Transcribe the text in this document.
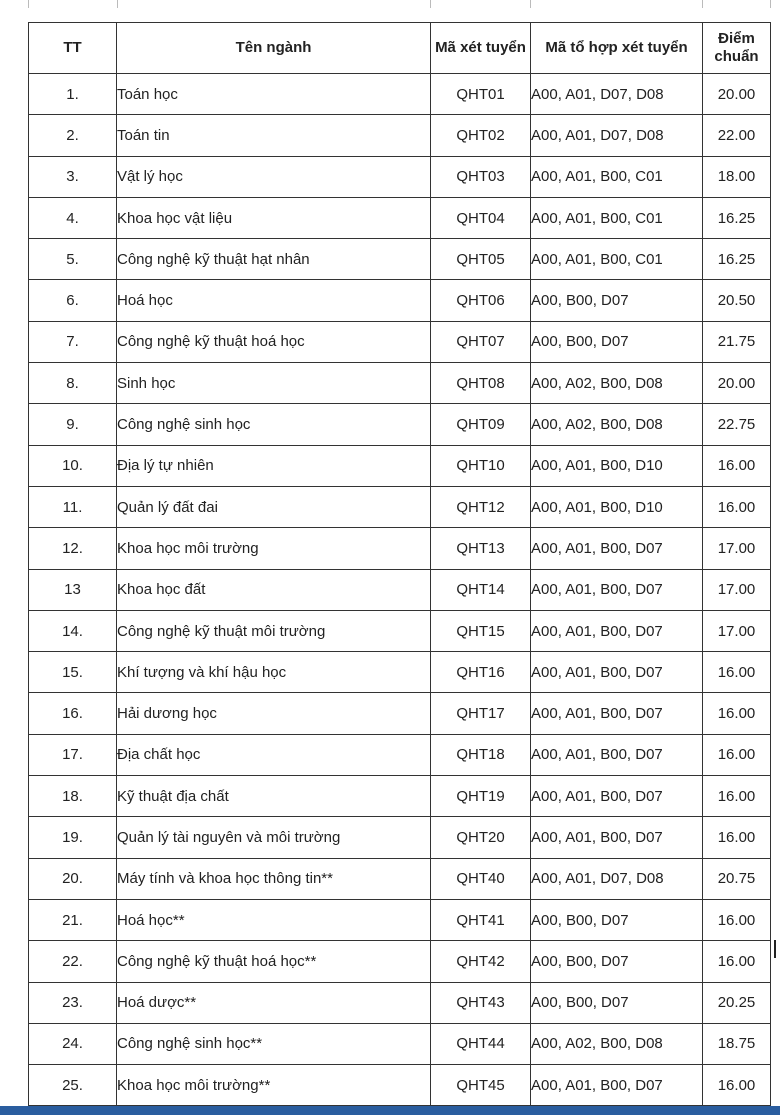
TT	Tên ngành	Mã xét tuyển	Mã tổ hợp xét tuyển	Điểm chuẩn
1.	Toán học	QHT01	A00, A01, D07, D08	20.00
2.	Toán tin	QHT02	A00, A01, D07, D08	22.00
3.	Vật lý học	QHT03	A00, A01, B00, C01	18.00
4.	Khoa học vật liệu	QHT04	A00, A01, B00, C01	16.25
5.	Công nghệ kỹ thuật hạt nhân	QHT05	A00, A01, B00, C01	16.25
6.	Hoá học	QHT06	A00, B00, D07	20.50
7.	Công nghệ kỹ thuật hoá học	QHT07	A00, B00, D07	21.75
8.	Sinh học	QHT08	A00, A02, B00, D08	20.00
9.	Công nghệ sinh học	QHT09	A00, A02, B00, D08	22.75
10.	Địa lý tự nhiên	QHT10	A00, A01, B00, D10	16.00
11.	Quản lý đất đai	QHT12	A00, A01, B00, D10	16.00
12.	Khoa học môi trường	QHT13	A00, A01, B00, D07	17.00
13	Khoa học đất	QHT14	A00, A01, B00, D07	17.00
14.	Công nghệ kỹ thuật môi trường	QHT15	A00, A01, B00, D07	17.00
15.	Khí tượng và khí hậu học	QHT16	A00, A01, B00, D07	16.00
16.	Hải dương học	QHT17	A00, A01, B00, D07	16.00
17.	Địa chất học	QHT18	A00, A01, B00, D07	16.00
18.	Kỹ thuật địa chất	QHT19	A00, A01, B00, D07	16.00
19.	Quản lý tài nguyên và môi trường	QHT20	A00, A01, B00, D07	16.00
20.	Máy tính và khoa học thông tin**	QHT40	A00, A01, D07, D08	20.75
21.	Hoá học**	QHT41	A00, B00, D07	16.00
22.	Công nghệ kỹ thuật hoá học**	QHT42	A00, B00, D07	16.00
23.	Hoá dược**	QHT43	A00, B00, D07	20.25
24.	Công nghệ sinh học**	QHT44	A00, A02, B00, D08	18.75
25.	Khoa học môi trường**	QHT45	A00, A01, B00, D07	16.00
